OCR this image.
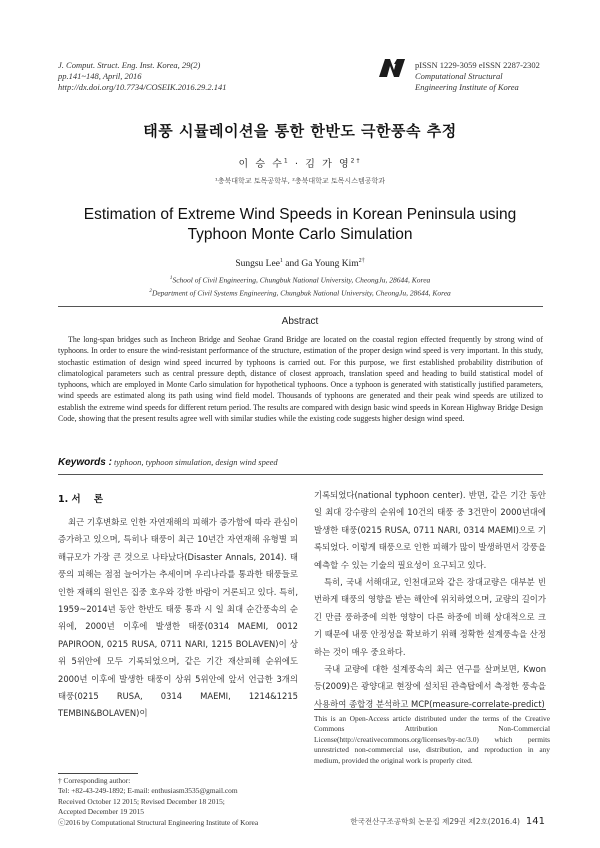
J. Comput. Struct. Eng. Inst. Korea, 29(2)
pp.141~148, April, 2016
http://dx.doi.org/10.7734/COSEIK.2016.29.2.141
pISSN 1229-3059 eISSN 2287-2302
Computational Structural
Engineering Institute of Korea
태풍 시뮬레이션을 통한 한반도 극한풍속 추정
이 승 수$^1$ · 김 가 영$^{2\dagger}$
¹충북대학교 토목공학부, ²충북대학교 토목시스템공학과
Estimation of Extreme Wind Speeds in Korean Peninsula using
Typhoon Monte Carlo Simulation
Sungsu Lee$^1$ and Ga Young Kim$^{2\dagger}$
$^1$School of Civil Engineering, Chungbuk National University, CheongJu, 28644, Korea
$^2$Department of Civil Systems Engineering, Chungbuk National University, CheongJu, 28644, Korea
Abstract
The long-span bridges such as Incheon Bridge and Seohae Grand Bridge are located on the coastal region effected frequently by strong wind of typhoons. In order to ensure the wind-resistant performance of the structure, estimation of the proper design wind speed is very important. In this study, stochastic estimation of design wind speed incurred by typhoons is carried out. For this purpose, we first established probability distribution of climatological parameters such as central pressure depth, distance of closest approach, translation speed and heading to build statistical model of typhoons, which are employed in Monte Carlo simulation for hypothetical typhoons. Once a typhoon is generated with statistically justified parameters, wind speeds are estimated along its path using wind field model. Thousands of typhoons are generated and their peak wind speeds are utilized to establish the extreme wind speeds for different return period. The results are compared with design basic wind speeds in Korean Highway Bridge Design Code, showing that the present results agree well with similar studies while the existing code suggests higher design wind speed.
Keywords : typhoon, typhoon simulation, design wind speed
1. 서    론

최근 기후변화로 인한 자연재해의 피해가 증가함에 따라 관심이 증가하고 있으며, 특히나 태풍이 최근 10년간 자연재해 유형별 피해규모가 가장 큰 것으로 나타났다(Disaster Annals, 2014). 태풍의 피해는 점점 늘어가는 추세이며 우리나라를 통과한 태풍들로 인한 재해의 원인은 집중 호우와 강한 바람이 거론되고 있다. 특히, 1959~2014년 동안 한반도 태풍 통과 시 일 최대 순간풍속의 순위에, 2000년 이후에 발생한 태풍(0314 MAEMI, 0012 PAPIROON, 0215 RUSA, 0711 NARI, 1215 BOLAVEN)이 상위 5위안에 모두 기록되었으며, 같은 기간 재산피해 순위에도 2000년 이후에 발생한 태풍이 상위 5위안에 앞서 언급한 3개의 태풍(0215 RUSA, 0314 MAEMI, 1214&1215 TEMBIN&BOLAVEN)이

기록되었다(national typhoon center). 반면, 같은 기간 동안 일 최대 강수량의 순위에 10건의 태풍 중 3건만이 2000년대에 발생한 태풍(0215 RUSA, 0711 NARI, 0314 MAEMI)으로 기록되었다. 이렇게 태풍으로 인한 피해가 많이 발생하면서 강풍을 예측할 수 있는 기술의 필요성이 요구되고 있다.

특히, 국내 서해대교, 인천대교와 같은 장대교량은 대부분 빈번하게 태풍의 영향을 받는 해안에 위치하였으며, 교량의 길이가 긴 만큼 풍하중에 의한 영향이 다른 하중에 비해 상대적으로 크기 때문에 내풍 안정성을 확보하기 위해 정확한 설계풍속을 산정하는 것이 매우 중요하다.

국내 교량에 대한 설계풍속의 최근 연구를 살펴보면, Kwon 등(2009)은 광양대교 현장에 설치된 관측탑에서 측정한 풍속을 사용하여 종합경 분석하고 MCP(measure-correlate-predict)

† Corresponding author:
Tel: +82-43-249-1892; E-mail: enthusiasm3535@gmail.com
Received October 12 2015; Revised December 18 2015;
Accepted December 19 2015
ⓒ2016 by Computational Structural Engineering Institute of Korea
This is an Open-Access article distributed under the terms of the Creative Commons Attribution Non-Commercial License(http://creativecommons.org/licenses/by-nc/3.0) which permits unrestricted non-commercial use, distribution, and reproduction in any medium, provided the original work is properly cited.
한국전산구조공학회 논문집 제29권 제2호(2016.4) 141
